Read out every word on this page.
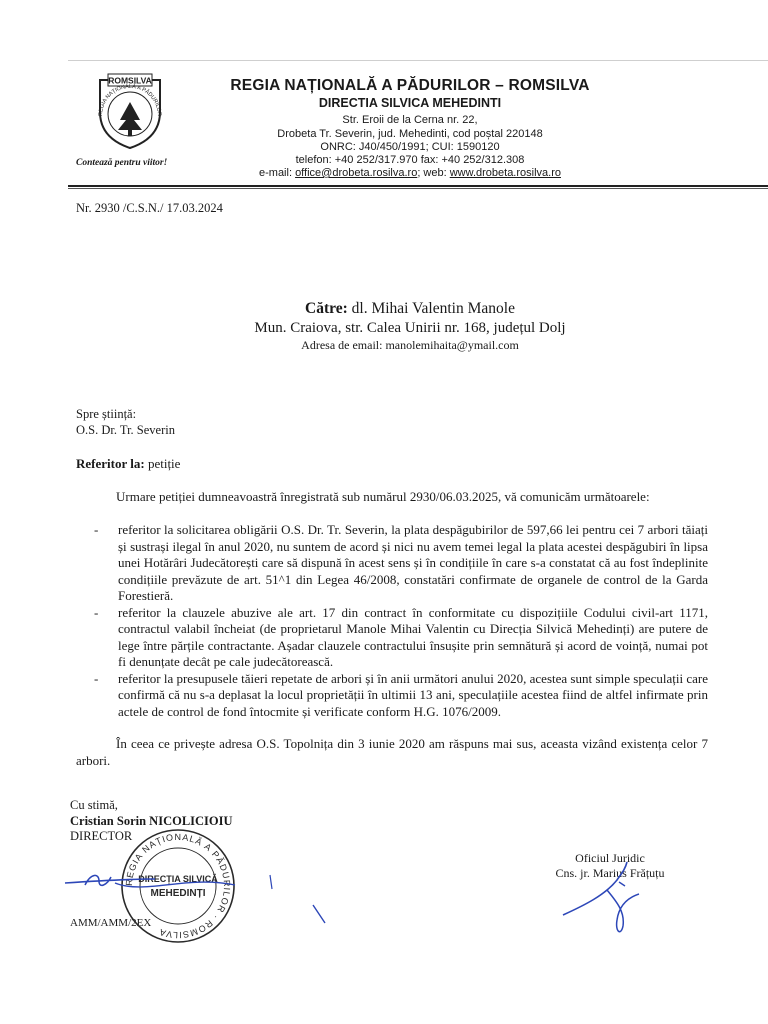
ROMSILVA
REGIA NAȚIONALĂ A PĂDURILOR
Contează pentru viitor!
REGIA NAȚIONALĂ A PĂDURILOR – ROMSILVA
DIRECTIA SILVICA MEHEDINTI
Str. Eroii de la Cerna nr. 22,
Drobeta Tr. Severin, jud. Mehedinti, cod poștal 220148
ONRC: J40/450/1991; CUI: 1590120
telefon: +40 252/317.970 fax: +40 252/312.308
e-mail: office@drobeta.rosilva.ro; web: www.drobeta.rosilva.ro
Nr. 2930 /C.S.N./ 17.03.2024
Către: dl. Mihai Valentin Manole
Mun. Craiova, str. Calea Unirii nr. 168, județul Dolj
Adresa de email: manolemihaita@ymail.com
Spre știință:
O.S. Dr. Tr. Severin
Referitor la: petiție
Urmare petiției dumneavoastră înregistrată sub numărul 2930/06.03.2025, vă comunicăm următoarele:
- referitor la solicitarea obligării O.S. Dr. Tr. Severin, la plata despăgubirilor de 597,66 lei pentru cei 7 arbori tăiați și sustrași ilegal în anul 2020, nu suntem de acord și nici nu avem temei legal la plata acestei despăgubiri în lipsa unei Hotărâri Judecătorești care să dispună în acest sens și în condițiile în care s-a constatat că au fost îndeplinite condițiile prevăzute de art. 51^1 din Legea 46/2008, constatări confirmate de organele de control de la Garda Forestieră.
- referitor la clauzele abuzive ale art. 17 din contract în conformitate cu dispozițiile Codului civil-art 1171, contractul valabil încheiat (de proprietarul Manole Mihai Valentin cu Direcția Silvică Mehedinți) are putere de lege între părțile contractante. Așadar clauzele contractului însușite prin semnătură și acord de voință, numai pot fi denunțate decât pe cale judecătorească.
- referitor la presupusele tăieri repetate de arbori și în anii următori anului 2020, acestea sunt simple speculații care confirmă că nu s-a deplasat la locul proprietății în ultimii 13 ani, speculațiile acestea fiind de altfel infirmate prin actele de control de fond întocmite și verificate conform H.G. 1076/2009.
În ceea ce privește adresa O.S. Topolnița din 3 iunie 2020 am răspuns mai sus, aceasta vizând existența celor 7 arbori.
Cu stimă,
Cristian Sorin NICOLICIOIU
DIRECTOR
AMM/AMM/2EX
Oficiul Juridic
Cns. jr. Marius Frățuțu
REGIA NAȚIONALĂ A PĂDURILOR · ROMSILVA
DIRECȚIA SILVICĂ
MEHEDINȚI
